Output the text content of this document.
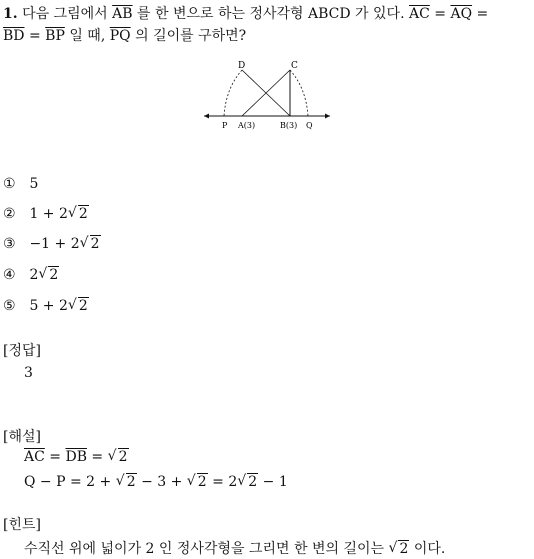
1. 다음 그림에서 $\overline{AB}$ 를 한 변으로 하는 정사각형 ABCD 가 있다. $\overline{AC} = \overline{AQ}$ =
$\overline{BD} = \overline{BP}$ 일 때, $\overline{PQ}$ 의 길이를 구하면?
D	C
P A(3)	B(3) Q
① 5
② 1 + 2 √ 2
③ −1 + 2 √ 2
④ 2 √ 2
⑤ 5 + 2 √ 2
[정답]
3
[해설]
$\overline{AC} = \overline{DB}$ = √ 2
Q − P = 2 + √ 2 − 3 + √ 2 = 2 √ 2 − 1
[힌트]
수직선 위에 넓이가 2 인 정사각형을 그리면 한 변의 길이는 √ 2 이다.
